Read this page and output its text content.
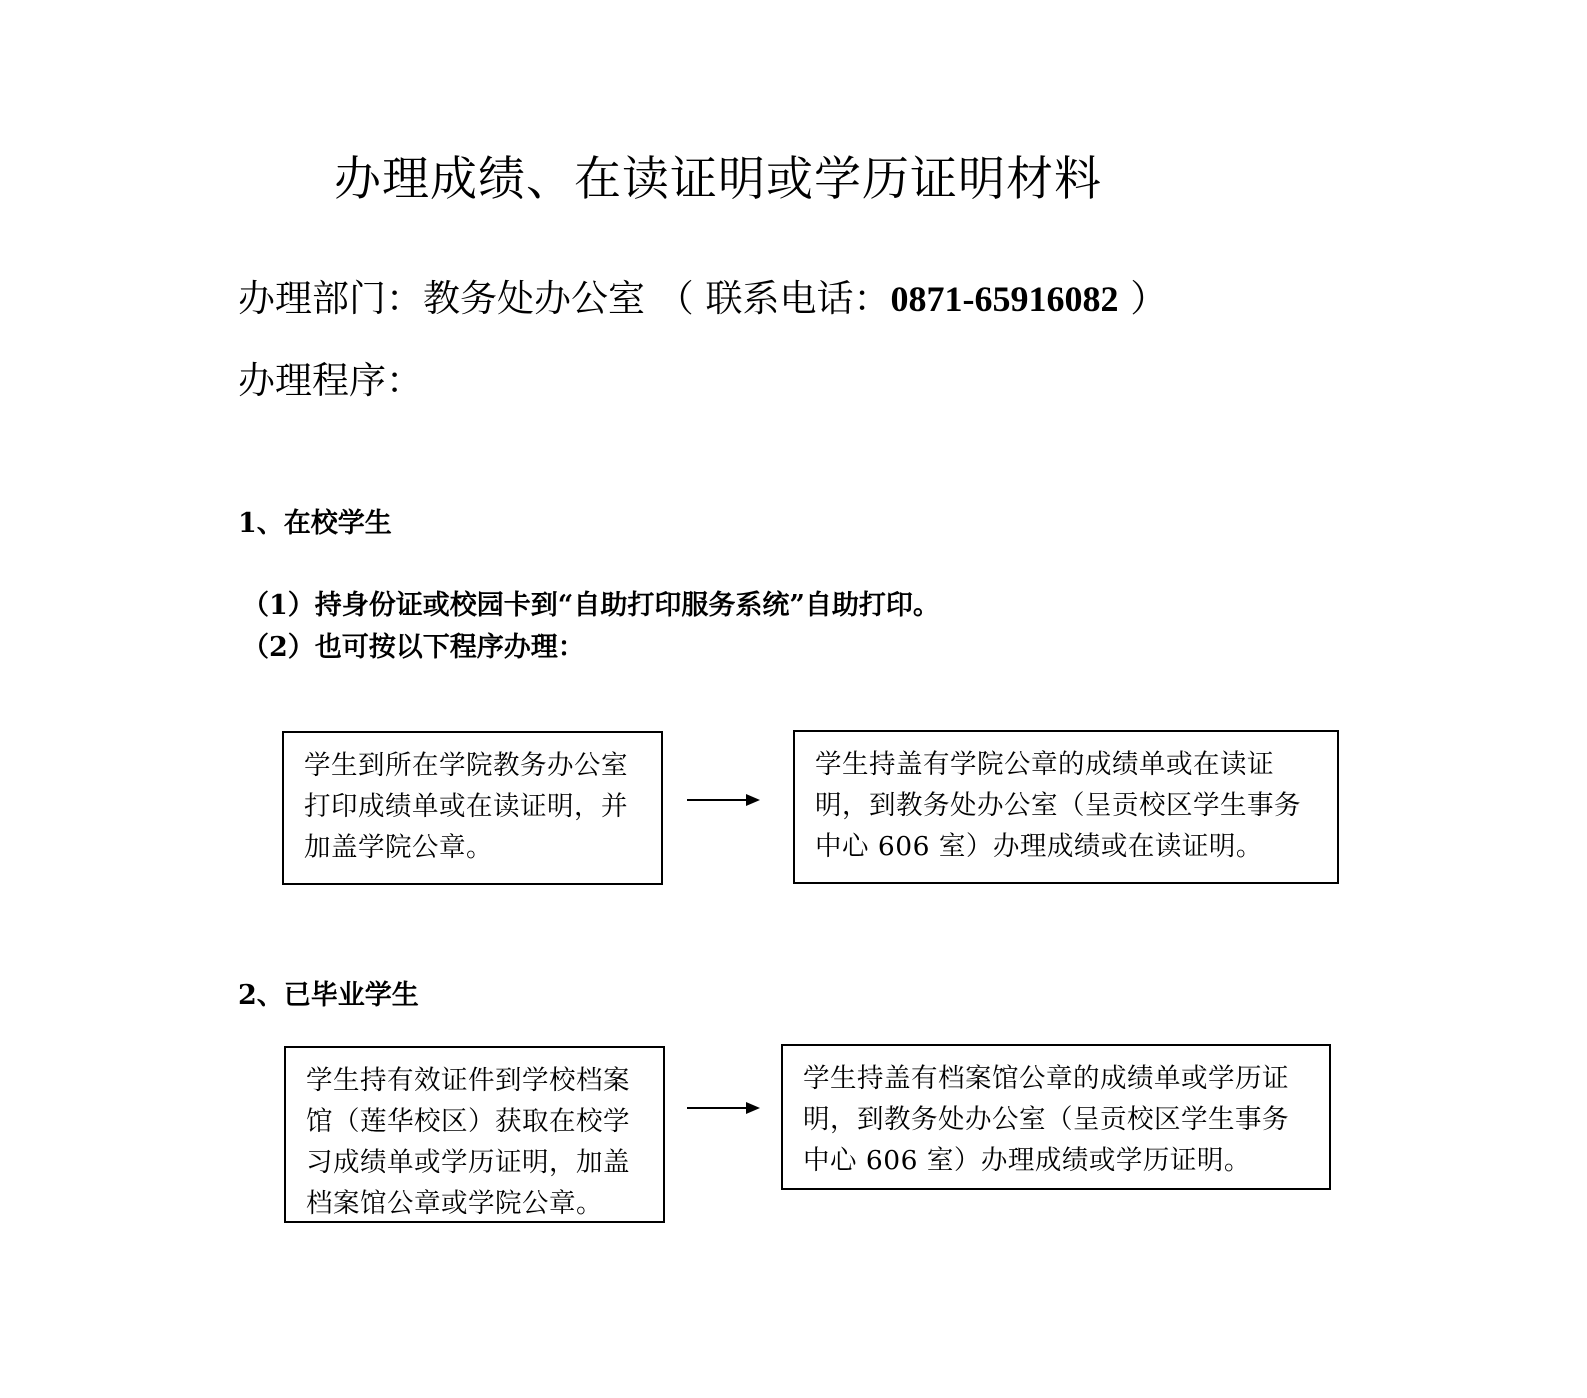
办理成绩、在读证明或学历证明材料
办理部门：教务处办公室 （ 联系电话：0871-65916082 ）
办理程序：
1、在校学生
（1）持身份证或校园卡到“自助打印服务系统”自助打印。
（2）也可按以下程序办理：
学生到所在学院教务办公室
打印成绩单或在读证明，并
加盖学院公章。
学生持盖有学院公章的成绩单或在读证
明，到教务处办公室（呈贡校区学生事务
中心 606 室）办理成绩或在读证明。
2、已毕业学生
学生持有效证件到学校档案
馆（莲华校区）获取在校学
习成绩单或学历证明，加盖
档案馆公章或学院公章。
学生持盖有档案馆公章的成绩单或学历证
明，到教务处办公室（呈贡校区学生事务
中心 606 室）办理成绩或学历证明。
